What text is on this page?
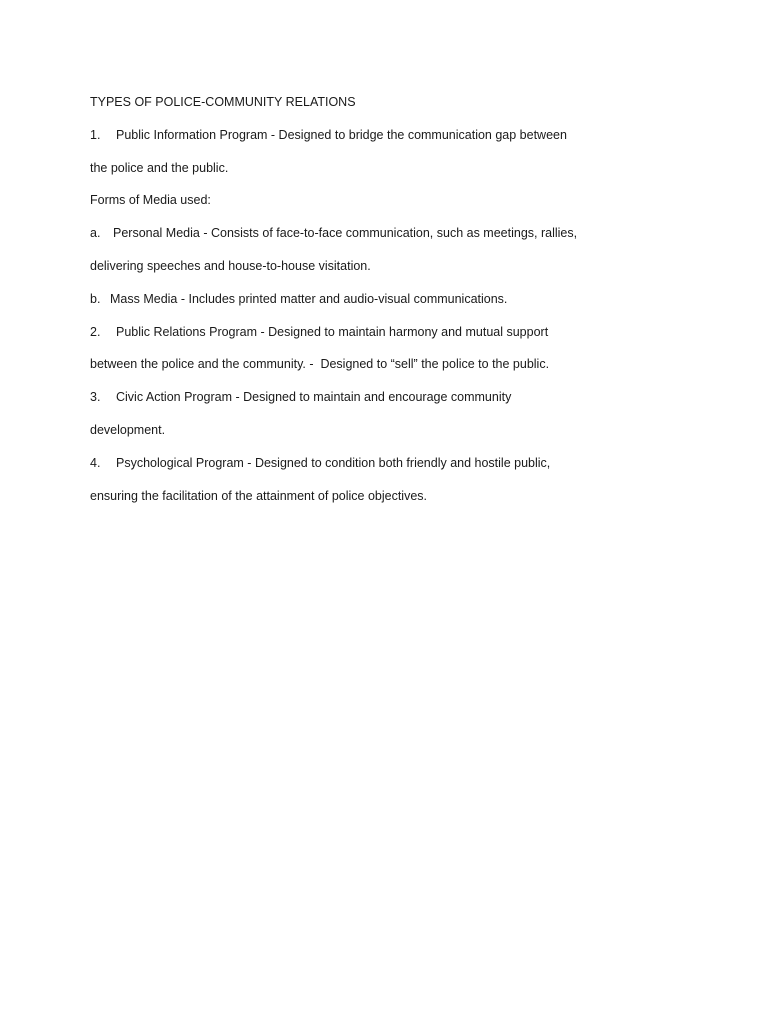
TYPES OF POLICE-COMMUNITY RELATIONS

1. Public Information Program - Designed to bridge the communication gap between

the police and the public.

Forms of Media used:

a. Personal Media - Consists of face-to-face communication, such as meetings, rallies,

delivering speeches and house-to-house visitation.

b. Mass Media - Includes printed matter and audio-visual communications.

2. Public Relations Program - Designed to maintain harmony and mutual support

between the police and the community. -  Designed to “sell” the police to the public.

3. Civic Action Program - Designed to maintain and encourage community

development.

4. Psychological Program - Designed to condition both friendly and hostile public,

ensuring the facilitation of the attainment of police objectives.
